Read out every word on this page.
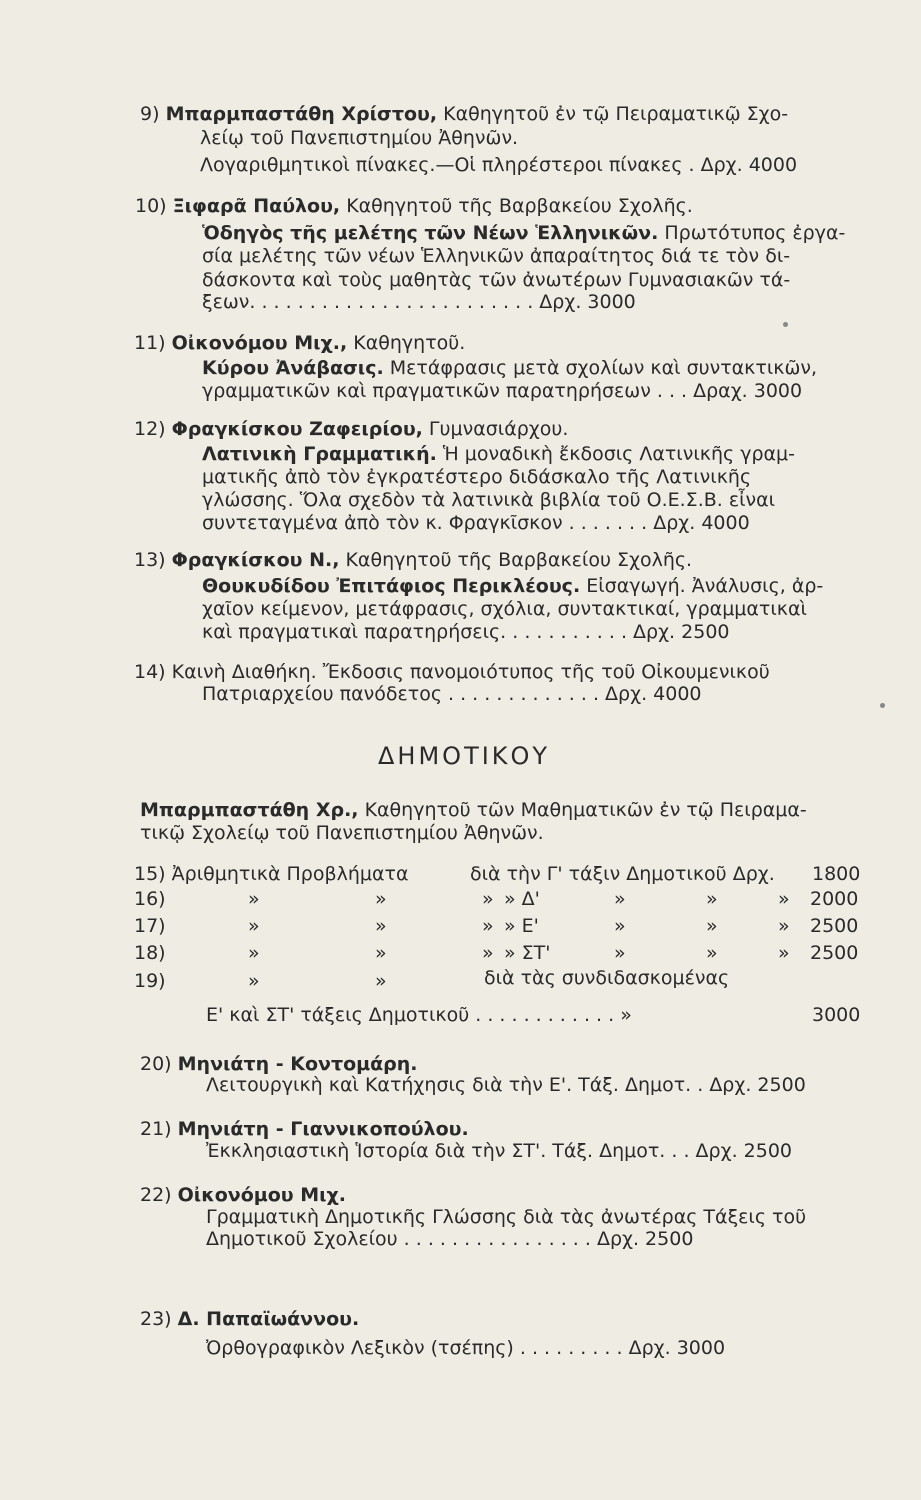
9) Μπαρμπαστάθη Χρίστου, Καθηγητοῦ ἐν τῷ Πειραματικῷ Σχο-
λείῳ τοῦ Πανεπιστημίου Ἀθηνῶν.
Λογαριθμητικοὶ πίνακες.—Οἱ πληρέστεροι πίνακες . Δρχ. 4000
10) Ξιφαρᾶ Παύλου, Καθηγητοῦ τῆς Βαρβακείου Σχολῆς.
Ὁδηγὸς τῆς μελέτης τῶν Νέων Ἑλληνικῶν. Πρωτότυπος ἐργα-
σία μελέτης τῶν νέων Ἑλληνικῶν ἀπαραίτητος διά τε τὸν δι-
δάσκοντα καὶ τοὺς μαθητὰς τῶν ἀνωτέρων Γυμνασιακῶν τά-
ξεων. . . . . . . . . . . . . . . . . . . . . . . . Δρχ. 3000
11) Οἰκονόμου Μιχ., Καθηγητοῦ.
Κύρου Ἀνάβασις. Μετάφρασις μετὰ σχολίων καὶ συντακτικῶν,
γραμματικῶν καὶ πραγματικῶν παρατηρήσεων . . . Δραχ. 3000
12) Φραγκίσκου Ζαφειρίου, Γυμνασιάρχου.
Λατινικὴ Γραμματική. Ἡ μοναδικὴ ἔκδοσις Λατινικῆς γραμ-
ματικῆς ἀπὸ τὸν ἐγκρατέστερο διδάσκαλο τῆς Λατινικῆς
γλώσσης. Ὅλα σχεδὸν τὰ λατινικὰ βιβλία τοῦ Ο.Ε.Σ.Β. εἶναι
συντεταγμένα ἀπὸ τὸν κ. Φραγκῖσκον . . . . . . . Δρχ. 4000
13) Φραγκίσκου Ν., Καθηγητοῦ τῆς Βαρβακείου Σχολῆς.
Θουκυδίδου Ἐπιτάφιος Περικλέους. Εἰσαγωγή. Ἀνάλυσις, ἀρ-
χαῖον κείμενον, μετάφρασις, σχόλια, συντακτικαί, γραμματικαὶ
καὶ πραγματικαὶ παρατηρήσεις. . . . . . . . . . . Δρχ. 2500
14) Καινὴ Διαθήκη. Ἔκδοσις πανομοιότυπος τῆς τοῦ Οἰκουμενικοῦ
Πατριαρχείου πανόδετος . . . . . . . . . . . . . Δρχ. 4000
ΔΗΜΟΤΙΚΟΥ
Μπαρμπαστάθη Χρ., Καθηγητοῦ τῶν Μαθηματικῶν ἐν τῷ Πειραμα-
τικῷ Σχολείῳ τοῦ Πανεπιστημίου Ἀθηνῶν.
15) Ἀριθμητικὰ Προβλήματα	διὰ τὴν Γ' τάξιν Δημοτικοῦ Δρχ. 1800
16)	»	»	» » Δ'	»	»	» 2000
17)	»	»	» » Ε'	»	»	» 2500
18)	»	»	» » ΣΤ'	»	»	» 2500
19)	»	»	διὰ τὰς συνδιδασκομένας
Ε' καὶ ΣΤ' τάξεις Δημοτικοῦ . . . . . . . . . . . . »	3000
20) Μηνιάτη - Κοντομάρη.
Λειτουργικὴ καὶ Κατήχησις διὰ τὴν Ε'. Τάξ. Δημοτ. . Δρχ. 2500
21) Μηνιάτη - Γιαννικοπούλου.
Ἐκκλησιαστικὴ Ἱστορία διὰ τὴν ΣΤ'. Τάξ. Δημοτ. . . Δρχ. 2500
22) Οἰκονόμου Μιχ.
Γραμματικὴ Δημοτικῆς Γλώσσης διὰ τὰς ἀνωτέρας Τάξεις τοῦ
Δημοτικοῦ Σχολείου . . . . . . . . . . . . . . . . Δρχ. 2500
23) Δ. Παπαϊωάννου.
Ὀρθογραφικὸν Λεξικὸν (τσέπης) . . . . . . . . . Δρχ. 3000
